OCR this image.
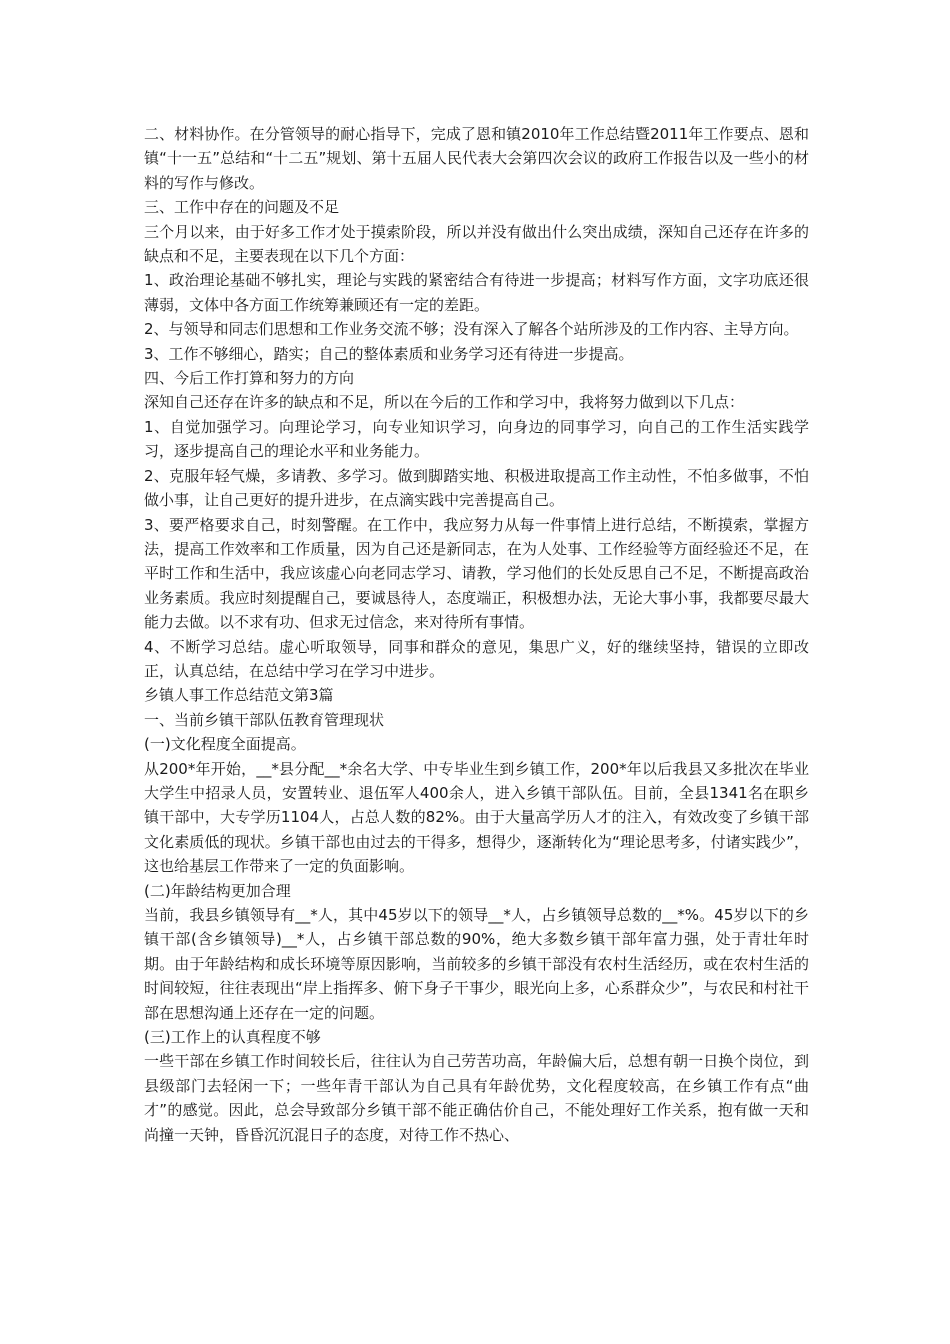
二、材料协作。在分管领导的耐心指导下，完成了恩和镇2010年工作总结暨2011年工作要点、恩和镇“十一五”总结和“十二五”规划、第十五届人民代表大会第四次会议的政府工作报告以及一些小的材料的写作与修改。

三、工作中存在的问题及不足

三个月以来，由于好多工作才处于摸索阶段，所以并没有做出什么突出成绩，深知自己还存在许多的缺点和不足，主要表现在以下几个方面：

1、政治理论基础不够扎实，理论与实践的紧密结合有待进一步提高；材料写作方面，文字功底还很薄弱，文体中各方面工作统筹兼顾还有一定的差距。

2、与领导和同志们思想和工作业务交流不够；没有深入了解各个站所涉及的工作内容、主导方向。

3、工作不够细心，踏实；自己的整体素质和业务学习还有待进一步提高。

四、今后工作打算和努力的方向

深知自己还存在许多的缺点和不足，所以在今后的工作和学习中，我将努力做到以下几点：

1、自觉加强学习。向理论学习，向专业知识学习，向身边的同事学习，向自己的工作生活实践学习，逐步提高自己的理论水平和业务能力。

2、克服年轻气燥，多请教、多学习。做到脚踏实地、积极进取提高工作主动性，不怕多做事，不怕做小事，让自己更好的提升进步，在点滴实践中完善提高自己。

3、要严格要求自己，时刻警醒。在工作中，我应努力从每一件事情上进行总结，不断摸索，掌握方法，提高工作效率和工作质量，因为自己还是新同志，在为人处事、工作经验等方面经验还不足，在平时工作和生活中，我应该虚心向老同志学习、请教，学习他们的长处反思自己不足，不断提高政治业务素质。我应时刻提醒自己，要诚恳待人，态度端正，积极想办法，无论大事小事，我都要尽最大能力去做。以不求有功、但求无过信念，来对待所有事情。

4、不断学习总结。虚心听取领导，同事和群众的意见，集思广义，好的继续坚持，错误的立即改正，认真总结，在总结中学习在学习中进步。

乡镇人事工作总结范文第3篇

一、当前乡镇干部队伍教育管理现状

(一)文化程度全面提高。

从200*年开始，__*县分配__*余名大学、中专毕业生到乡镇工作，200*年以后我县又多批次在毕业大学生中招录人员，安置转业、退伍军人400余人，进入乡镇干部队伍。目前，全县1341名在职乡镇干部中，大专学历1104人，占总人数的82%。由于大量高学历人才的注入，有效改变了乡镇干部文化素质低的现状。乡镇干部也由过去的干得多，想得少，逐渐转化为“理论思考多，付诸实践少”，这也给基层工作带来了一定的负面影响。

(二)年龄结构更加合理

当前，我县乡镇领导有__*人，其中45岁以下的领导__*人，占乡镇领导总数的__*%。45岁以下的乡镇干部(含乡镇领导)__*人，占乡镇干部总数的90%，绝大多数乡镇干部年富力强，处于青壮年时期。由于年龄结构和成长环境等原因影响，当前较多的乡镇干部没有农村生活经历，或在农村生活的时间较短，往往表现出“岸上指挥多、俯下身子干事少，眼光向上多，心系群众少”，与农民和村社干部在思想沟通上还存在一定的问题。

(三)工作上的认真程度不够

一些干部在乡镇工作时间较长后，往往认为自己劳苦功高，年龄偏大后，总想有朝一日换个岗位，到县级部门去轻闲一下；一些年青干部认为自己具有年龄优势，文化程度较高，在乡镇工作有点“曲才”的感觉。因此，总会导致部分乡镇干部不能正确估价自己，不能处理好工作关系，抱有做一天和尚撞一天钟，昏昏沉沉混日子的态度，对待工作不热心、
